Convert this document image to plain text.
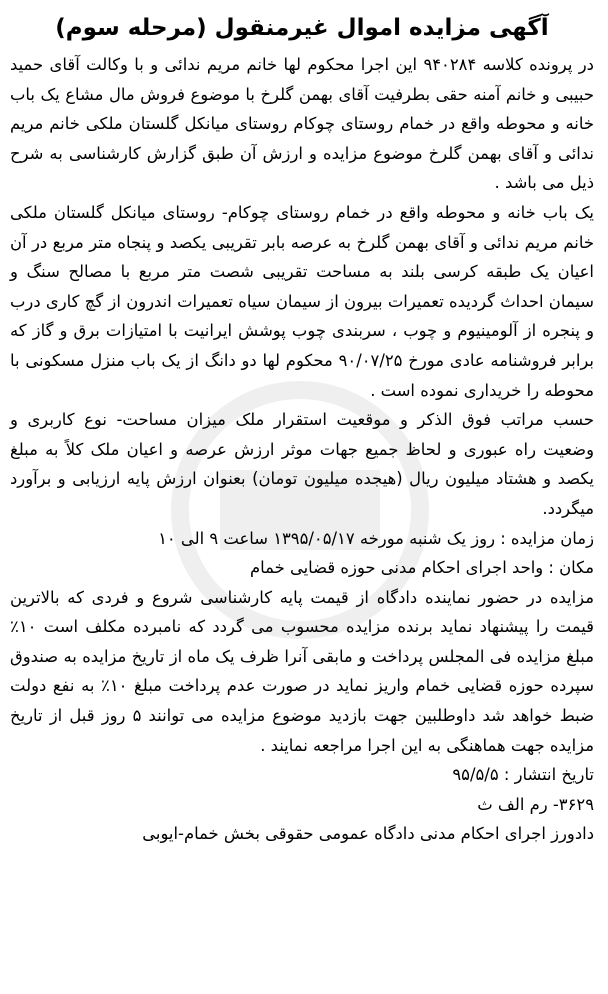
آگهی مزایده اموال غیرمنقول (مرحله سوم)

در پرونده کلاسه ۹۴۰۲۸۴ این اجرا محکوم لها خانم مریم ندائی و با وکالت آقای حمید حبیبی و خانم آمنه حقی بطرفیت آقای بهمن گلرخ با موضوع فروش مال مشاع یک باب خانه و محوطه واقع در خمام روستای چوکام روستای میانکل گلستان ملکی خانم مریم ندائی و آقای بهمن گلرخ موضوع مزایده و ارزش آن طبق گزارش کارشناسی به شرح ذیل می باشد .

یک باب خانه و محوطه واقع در خمام روستای چوکام- روستای میانکل گلستان ملکی خانم مریم ندائی و آقای بهمن گلرخ به عرصه بابر تقریبی یکصد و پنجاه متر مربع در آن اعیان یک طبقه کرسی بلند به مساحت تقریبی شصت متر مربع با مصالح سنگ و سیمان احداث گردیده تعمیرات بیرون از سیمان سیاه تعمیرات اندرون از گچ کاری درب و پنجره از آلومینیوم و چوب ، سربندی چوب پوشش ایرانیت با امتیازات برق و گاز که برابر فروشنامه عادی مورخ ۹۰/۰۷/۲۵ محکوم لها دو دانگ از یک باب منزل مسکونی با محوطه را خریداری نموده است .

حسب مراتب فوق الذکر و موقعیت استقرار ملک میزان مساحت- نوع کاربری و وضعیت راه عبوری و لحاظ جمیع جهات موثر ارزش عرصه و اعیان ملک کلاً به مبلغ یکصد و هشتاد میلیون ریال (هیجده میلیون تومان) بعنوان ارزش پایه ارزیابی و برآورد میگردد.

زمان مزایده : روز یک شنبه مورخه ۱۳۹۵/۰۵/۱۷ ساعت ۹ الی ۱۰

مکان : واحد اجرای احکام مدنی حوزه قضایی خمام

مزایده در حضور نماینده دادگاه از قیمت پایه کارشناسی شروع و فردی که بالاترین قیمت را پیشنهاد نماید برنده مزایده محسوب می گردد که نامبرده مکلف است ۱۰٪ مبلغ مزایده فی المجلس پرداخت و مابقی آنرا ظرف یک ماه از تاریخ مزایده به صندوق سپرده حوزه قضایی خمام واریز نماید در صورت عدم پرداخت مبلغ ۱۰٪ به نفع دولت ضبط خواهد شد داوطلبین جهت بازدید موضوع مزایده می توانند ۵ روز قبل از تاریخ مزایده جهت هماهنگی به این اجرا مراجعه نمایند .

تاریخ انتشار : ۹۵/۵/۵

۳۶۲۹- رم الف ث

دادورز اجرای احکام مدنی دادگاه عمومی حقوقی بخش خمام-ایوبی
